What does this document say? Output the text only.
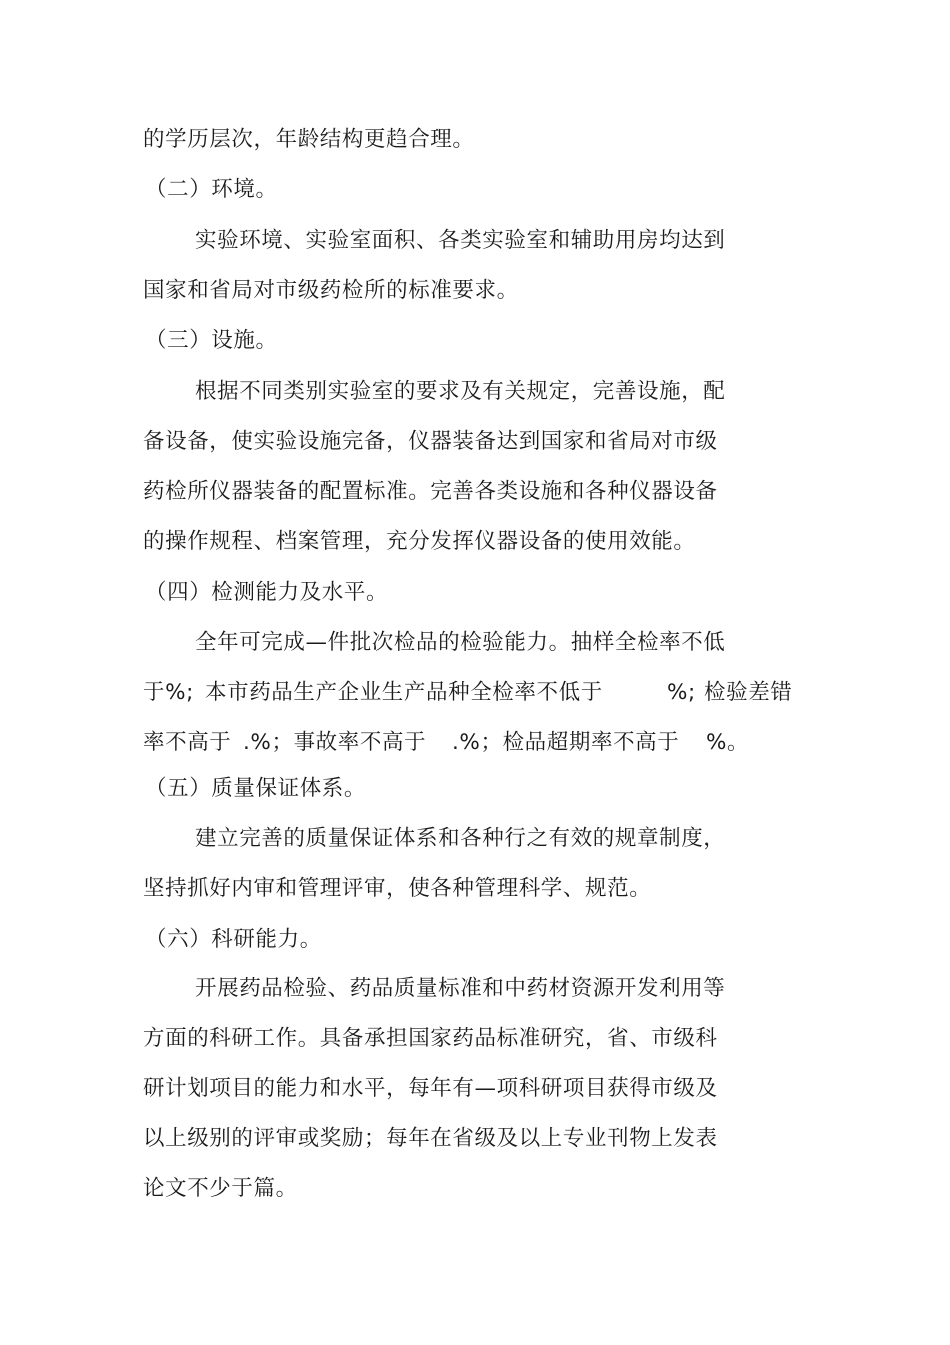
的学历层次，年龄结构更趋合理。
（二）环境。
实验环境、实验室面积、各类实验室和辅助用房均达到
国家和省局对市级药检所的标准要求。
（三）设施。
根据不同类别实验室的要求及有关规定，完善设施，配
备设备，使实验设施完备，仪器装备达到国家和省局对市级
药检所仪器装备的配置标准。完善各类设施和各种仪器设备
的操作规程、档案管理，充分发挥仪器设备的使用效能。
（四）检测能力及水平。
全年可完成—件批次检品的检验能力。抽样全检率不低
于%; 本市药品生产企业生产品种全检率不低于	%; 检验差错
率不高于 .%；事故率不高于 .%；检品超期率不高于 %。
（五）质量保证体系。
建立完善的质量保证体系和各种行之有效的规章制度，
坚持抓好内审和管理评审，使各种管理科学、规范。
（六）科研能力。
开展药品检验、药品质量标准和中药材资源开发利用等
方面的科研工作。具备承担国家药品标准研究，省、市级科
研计划项目的能力和水平，每年有—项科研项目获得市级及
以上级别的评审或奖励；每年在省级及以上专业刊物上发表
论文不少于篇。
